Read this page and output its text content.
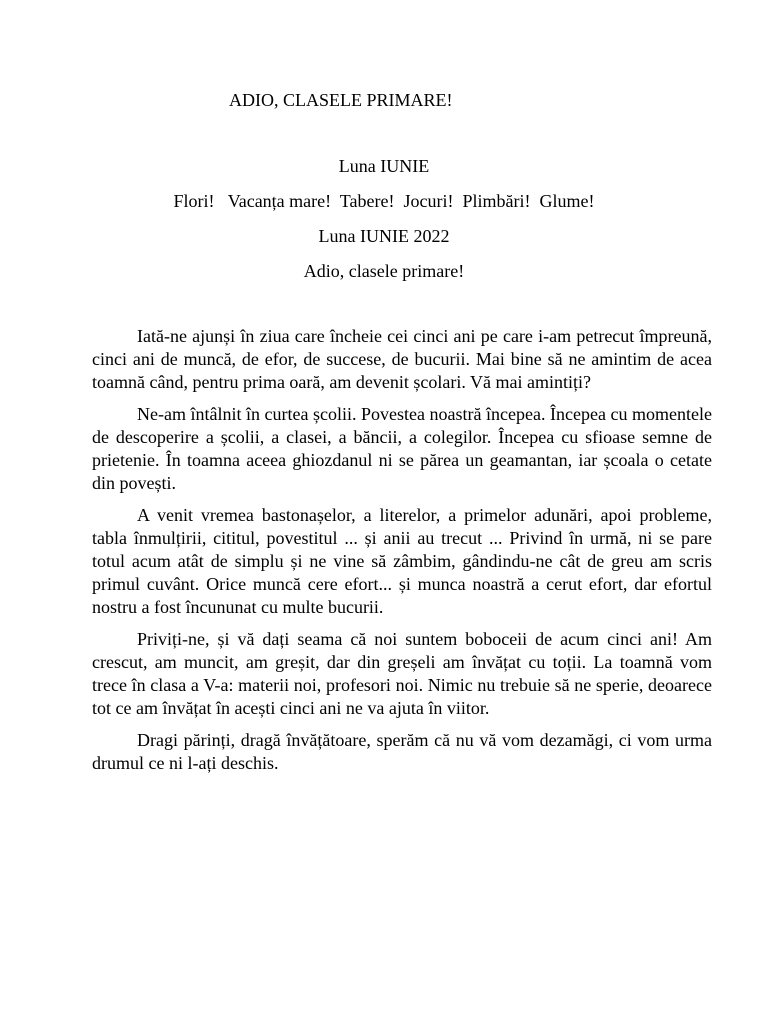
ADIO, CLASELE PRIMARE!
Luna IUNIE
Flori!   Vacanța mare!  Tabere!  Jocuri!  Plimbări!  Glume!
Luna IUNIE 2022
Adio, clasele primare!

Iată-ne ajunși în ziua care încheie cei cinci ani pe care i-am petrecut împreună, cinci ani de muncă, de efor, de succese, de bucurii. Mai bine să ne amintim de acea toamnă când, pentru prima oară, am devenit școlari. Vă mai amintiți?

Ne-am întâlnit în curtea școlii. Povestea noastră începea. Începea cu momentele de descoperire a școlii, a clasei, a băncii, a colegilor. Începea cu sfioase semne de prietenie. În toamna aceea ghiozdanul ni se părea un geamantan, iar școala o cetate din povești.

A venit vremea bastonașelor, a literelor, a primelor adunări, apoi probleme, tabla înmulțirii, cititul, povestitul ... și anii au trecut ... Privind în urmă, ni se pare totul acum atât de simplu și ne vine să zâmbim, gândindu-ne cât de greu am scris primul cuvânt. Orice muncă cere efort... și munca noastră a cerut efort, dar efortul nostru a fost încununat cu multe bucurii.

Priviți-ne, și vă dați seama că noi suntem bobocеii de acum cinci ani! Am crescut, am muncit, am greșit, dar din greșeli am învățat cu toții. La toamnă vom trece în clasa a V-a: materii noi, profesori noi. Nimic nu trebuie să ne sperie, deoarece tot ce am învățat în acești cinci ani ne va ajuta în viitor.

Dragi părinți, dragă învățătoare, sperăm că nu vă vom dezamăgi, ci vom urma drumul ce ni l-ați deschis.
